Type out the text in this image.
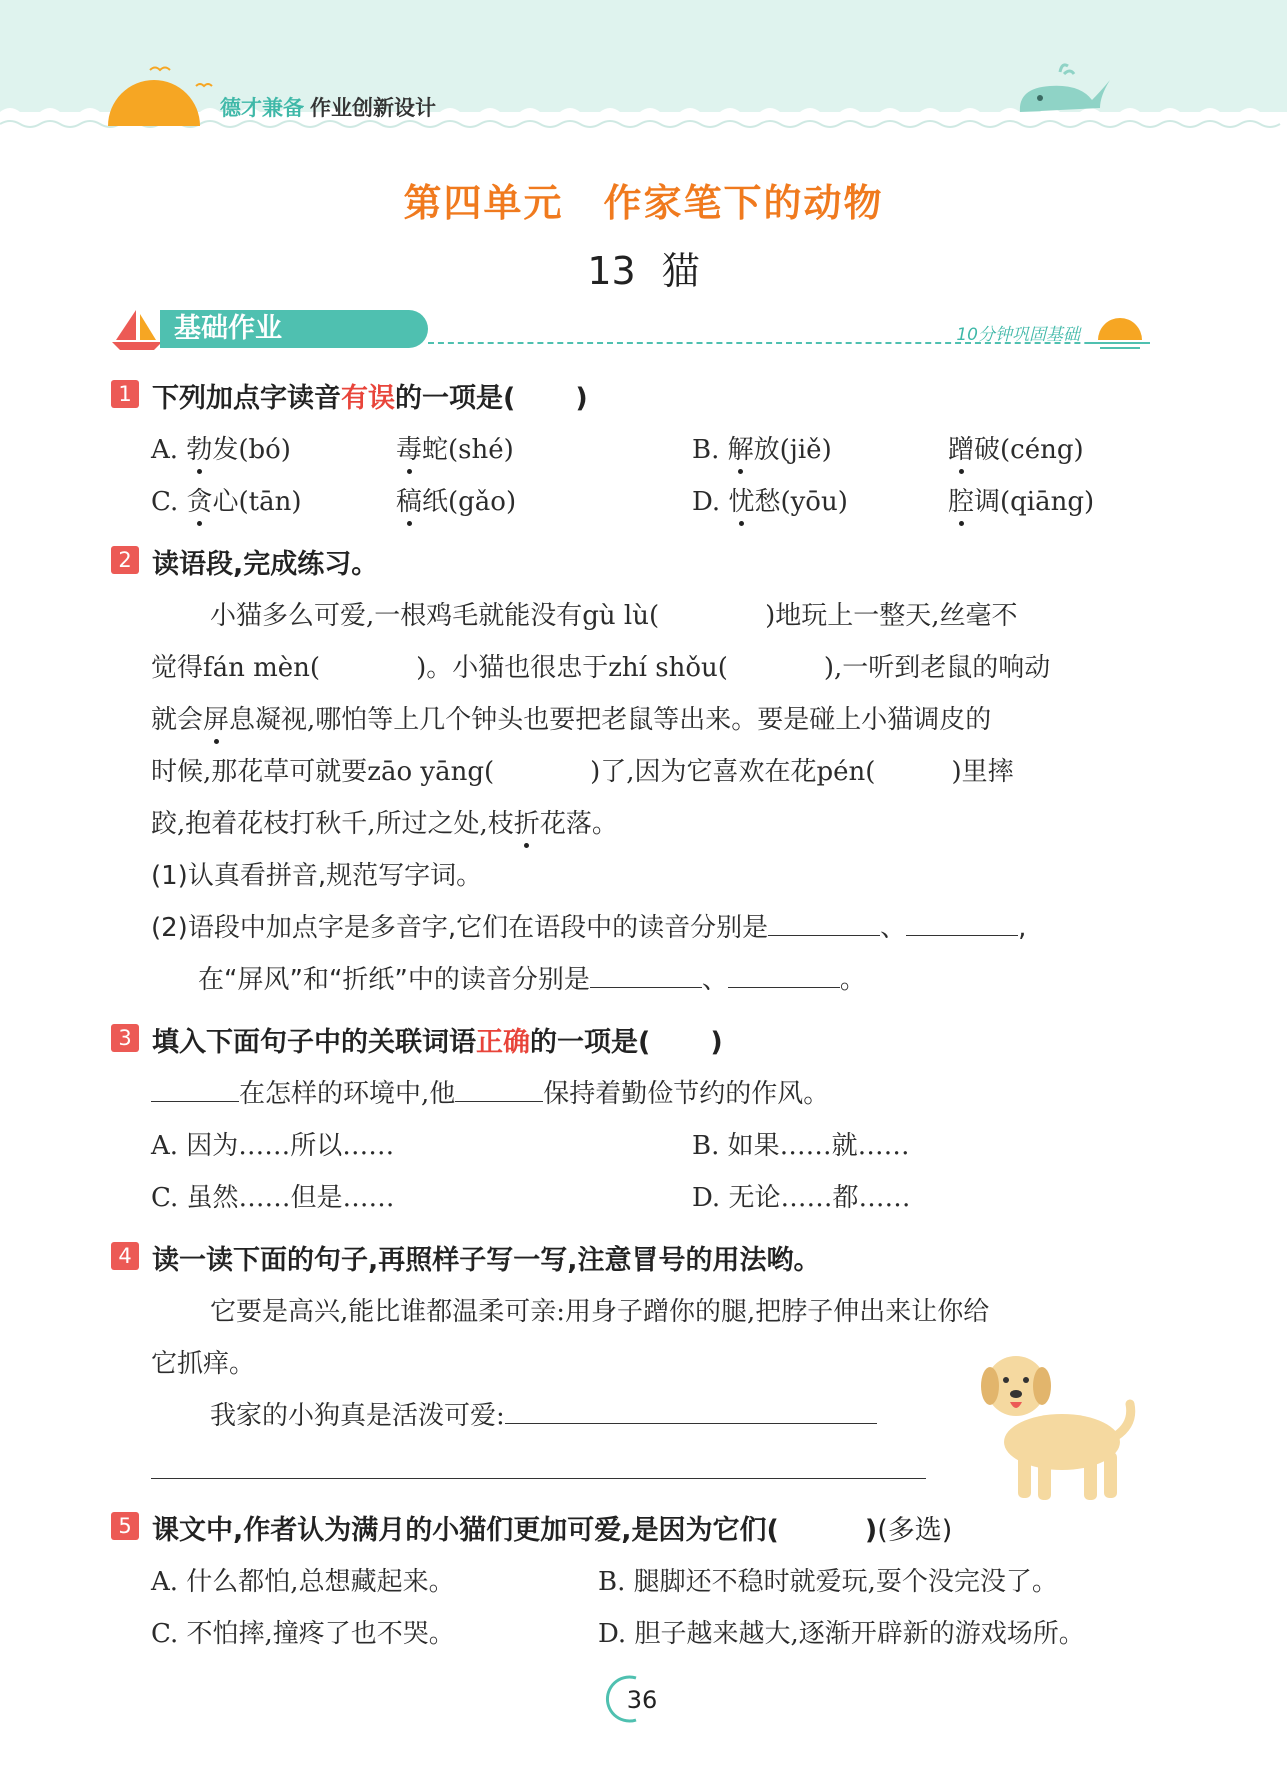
德才兼备 作业创新设计
第四单元 作家笔下的动物
13 猫
基础作业	10分钟巩固基础
1 下列加点字读音有误的一项是( )
A. 勃发(bó)	毒蛇(shé)	B. 解放(jiě)	蹭破(céng)
C. 贪心(tān)	稿纸(gǎo)	D. 忧愁(yōu)	腔调(qiāng)
2 读语段,完成练习。
小猫多么可爱,一根鸡毛就能没有gù lù(	)地玩上一整天,丝毫不
觉得fán mèn(	)。小猫也很忠于zhí shǒu(	),一听到老鼠的响动
就会屏息凝视,哪怕等上几个钟头也要把老鼠等出来。要是碰上小猫调皮的
时候,那花草可就要zāo yāng(	)了,因为它喜欢在花pén(	)里摔
跤,抱着花枝打秋千,所过之处,枝折花落。
(1)认真看拼音,规范写字词。
(2)语段中加点字是多音字,它们在语段中的读音分别是	、	,
在“屏风”和“折纸”中的读音分别是	、	。
3 填入下面句子中的关联词语正确的一项是( )
在怎样的环境中,他	保持着勤俭节约的作风。
A. 因为……所以……	B. 如果……就……
C. 虽然……但是……	D. 无论……都……
4 读一读下面的句子,再照样子写一写,注意冒号的用法哟。
它要是高兴,能比谁都温柔可亲:用身子蹭你的腿,把脖子伸出来让你给
它抓痒。
我家的小狗真是活泼可爱:
5 课文中,作者认为满月的小猫们更加可爱,是因为它们(	)(多选)
A. 什么都怕,总想藏起来。	B. 腿脚还不稳时就爱玩,耍个没完没了。
C. 不怕摔,撞疼了也不哭。	D. 胆子越来越大,逐渐开辟新的游戏场所。
36
